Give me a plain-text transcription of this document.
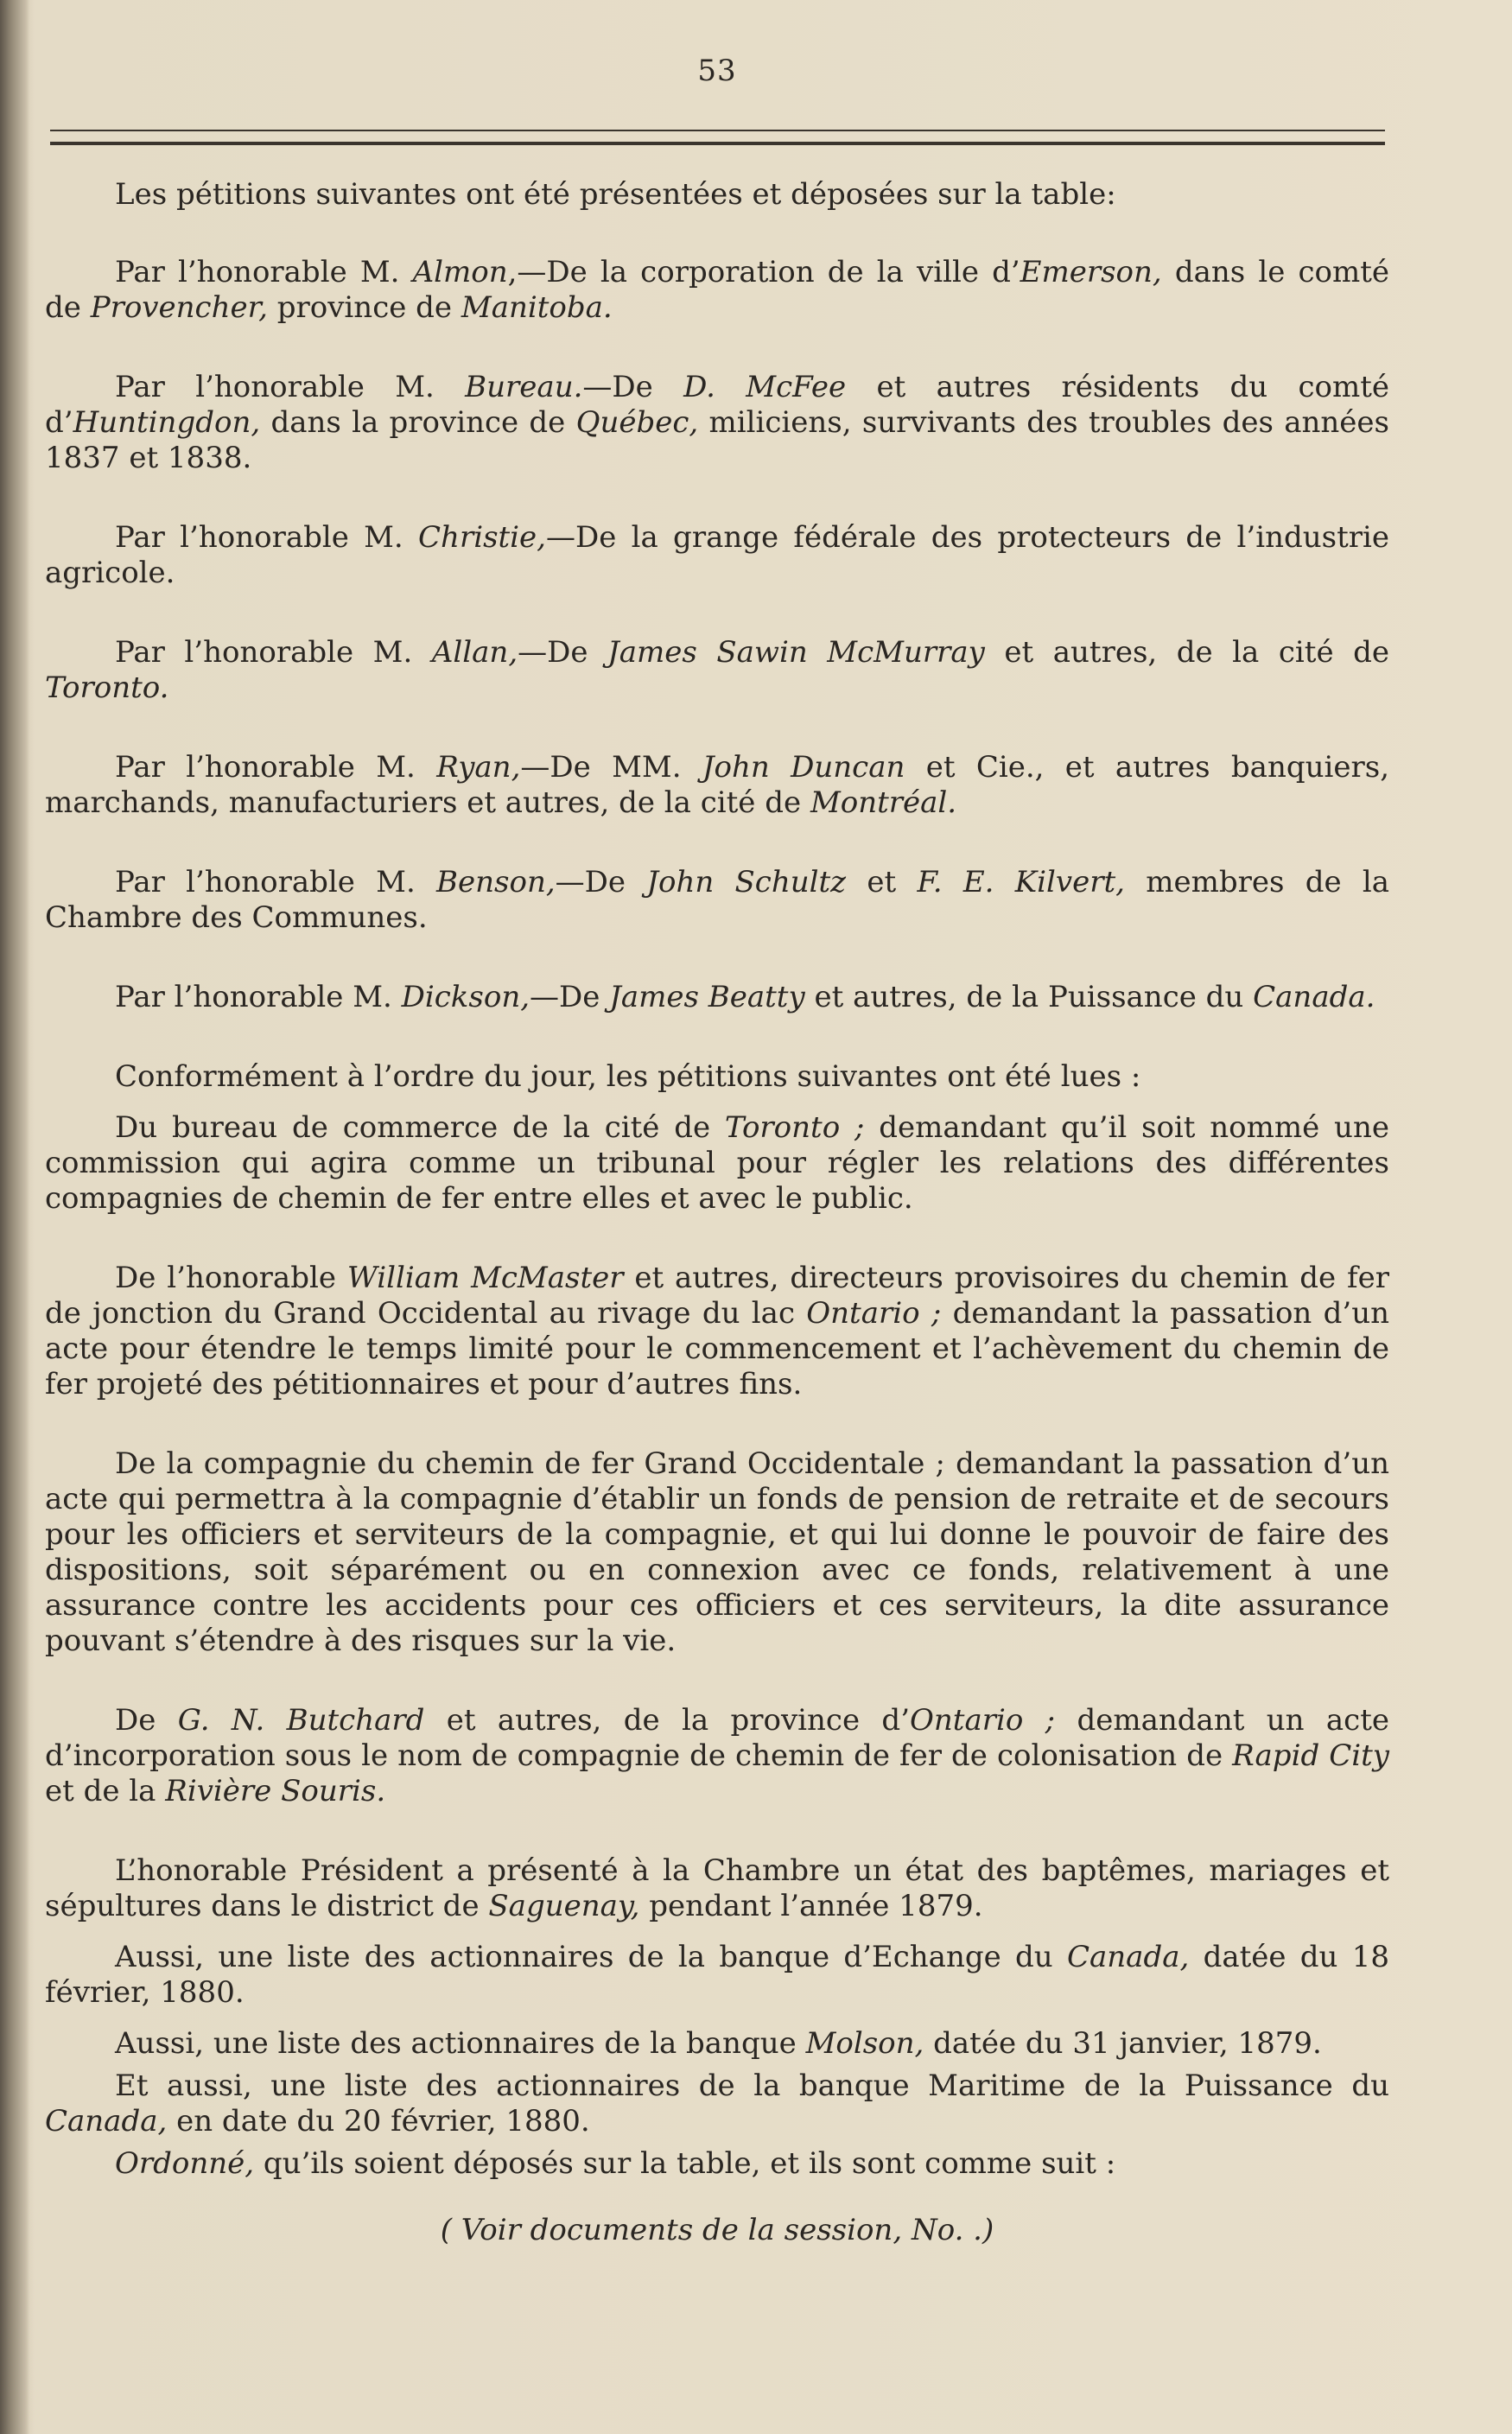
53

Les pétitions suivantes ont été présentées et déposées sur la table:

Par l’honorable M. Almon,—De la corporation de la ville d’Emerson, dans le comté de Provencher, province de Manitoba.

Par l’honorable M. Bureau.—De D. McFee et autres résidents du comté d’Huntingdon, dans la province de Québec, miliciens, survivants des troubles des années 1837 et 1838.

Par l’honorable M. Christie,—De la grange fédérale des protecteurs de l’industrie agricole.

Par l’honorable M. Allan,—De James Sawin McMurray et autres, de la cité de Toronto.

Par l’honorable M. Ryan,—De MM. John Duncan et Cie., et autres banquiers, marchands, manufacturiers et autres, de la cité de Montréal.

Par l’honorable M. Benson,—De John Schultz et F. E. Kilvert, membres de la Chambre des Communes.

Par l’honorable M. Dickson,—De James Beatty et autres, de la Puissance du Canada.

Conformément à l’ordre du jour, les pétitions suivantes ont été lues :

Du bureau de commerce de la cité de Toronto ; demandant qu’il soit nommé une commission qui agira comme un tribunal pour régler les relations des différentes compagnies de chemin de fer entre elles et avec le public.

De l’honorable William McMaster et autres, directeurs provisoires du chemin de fer de jonction du Grand Occidental au rivage du lac Ontario ; demandant la passation d’un acte pour étendre le temps limité pour le commencement et l’achèvement du chemin de fer projeté des pétitionnaires et pour d’autres fins.

De la compagnie du chemin de fer Grand Occidentale ; demandant la passation d’un acte qui permettra à la compagnie d’établir un fonds de pension de retraite et de secours pour les officiers et serviteurs de la compagnie, et qui lui donne le pouvoir de faire des dispositions, soit séparément ou en connexion avec ce fonds, relativement à une assurance contre les accidents pour ces officiers et ces serviteurs, la dite assurance pouvant s’étendre à des risques sur la vie.

De G. N. Butchard et autres, de la province d’Ontario ; demandant un acte d’incorporation sous le nom de compagnie de chemin de fer de colonisation de Rapid City et de la Rivière Souris.

L’honorable Président a présenté à la Chambre un état des baptêmes, mariages et sépultures dans le district de Saguenay, pendant l’année 1879.

Aussi, une liste des actionnaires de la banque d’Echange du Canada, datée du 18 février, 1880.

Aussi, une liste des actionnaires de la banque Molson, datée du 31 janvier, 1879.

Et aussi, une liste des actionnaires de la banque Maritime de la Puissance du Canada, en date du 20 février, 1880.

Ordonné, qu’ils soient déposés sur la table, et ils sont comme suit :

( Voir documents de la session, No. .)
